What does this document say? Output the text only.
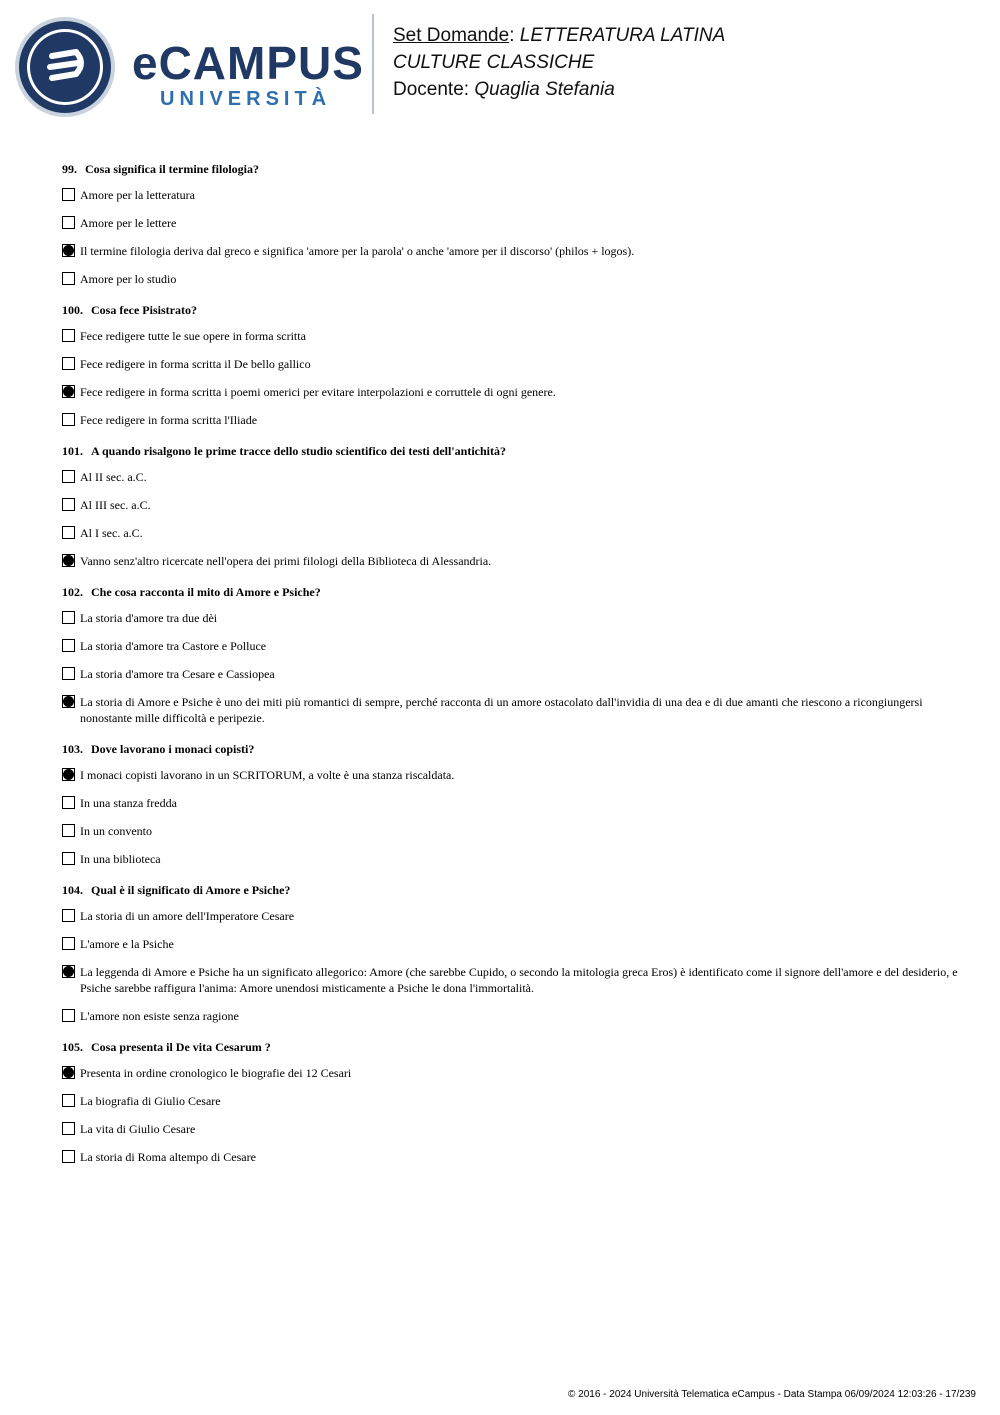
eCAMPUS
UNIVERSITÀ
Set Domande: LETTERATURA LATINA
CULTURE CLASSICHE
Docente: Quaglia Stefania
99. Cosa significa il termine filologia?
Amore per la letteratura
Amore per le lettere
Il termine filologia deriva dal greco e significa 'amore per la parola' o anche 'amore per il discorso' (philos + logos).
Amore per lo studio
100. Cosa fece Pisistrato?
Fece redigere tutte le sue opere in forma scritta
Fece redigere in forma scritta il De bello gallico
Fece redigere in forma scritta i poemi omerici per evitare interpolazioni e corruttele di ogni genere.
Fece redigere in forma scritta l'Iliade
101. A quando risalgono le prime tracce dello studio scientifico dei testi dell'antichità?
Al II sec. a.C.
Al III sec. a.C.
Al I sec. a.C.
Vanno senz'altro ricercate nell'opera dei primi filologi della Biblioteca di Alessandria.
102. Che cosa racconta il mito di Amore e Psiche?
La storia d'amore tra due dèi
La storia d'amore tra Castore e Polluce
La storia d'amore tra Cesare e Cassiopea
La storia di Amore e Psiche è uno dei miti più romantici di sempre, perché racconta di un amore ostacolato dall'invidia di una dea e di due amanti che riescono a ricongiungersi nonostante mille difficoltà e peripezie.
103. Dove lavorano i monaci copisti?
I monaci copisti lavorano in un SCRITORUM, a volte è una stanza riscaldata.
In una stanza fredda
In un convento
In una biblioteca
104. Qual è il significato di Amore e Psiche?
La storia di un amore dell'Imperatore Cesare
L'amore e la Psiche
La leggenda di Amore e Psiche ha un significato allegorico: Amore (che sarebbe Cupido, o secondo la mitologia greca Eros) è identificato come il signore dell'amore e del desiderio, e Psiche sarebbe raffigura l'anima: Amore unendosi misticamente a Psiche le dona l'immortalità.
L'amore non esiste senza ragione
105. Cosa presenta il De vita Cesarum ?
Presenta in ordine cronologico le biografie dei 12 Cesari
La biografia di Giulio Cesare
La vita di Giulio Cesare
La storia di Roma altempo di Cesare
© 2016 - 2024 Università Telematica eCampus - Data Stampa 06/09/2024 12:03:26 - 17/239
